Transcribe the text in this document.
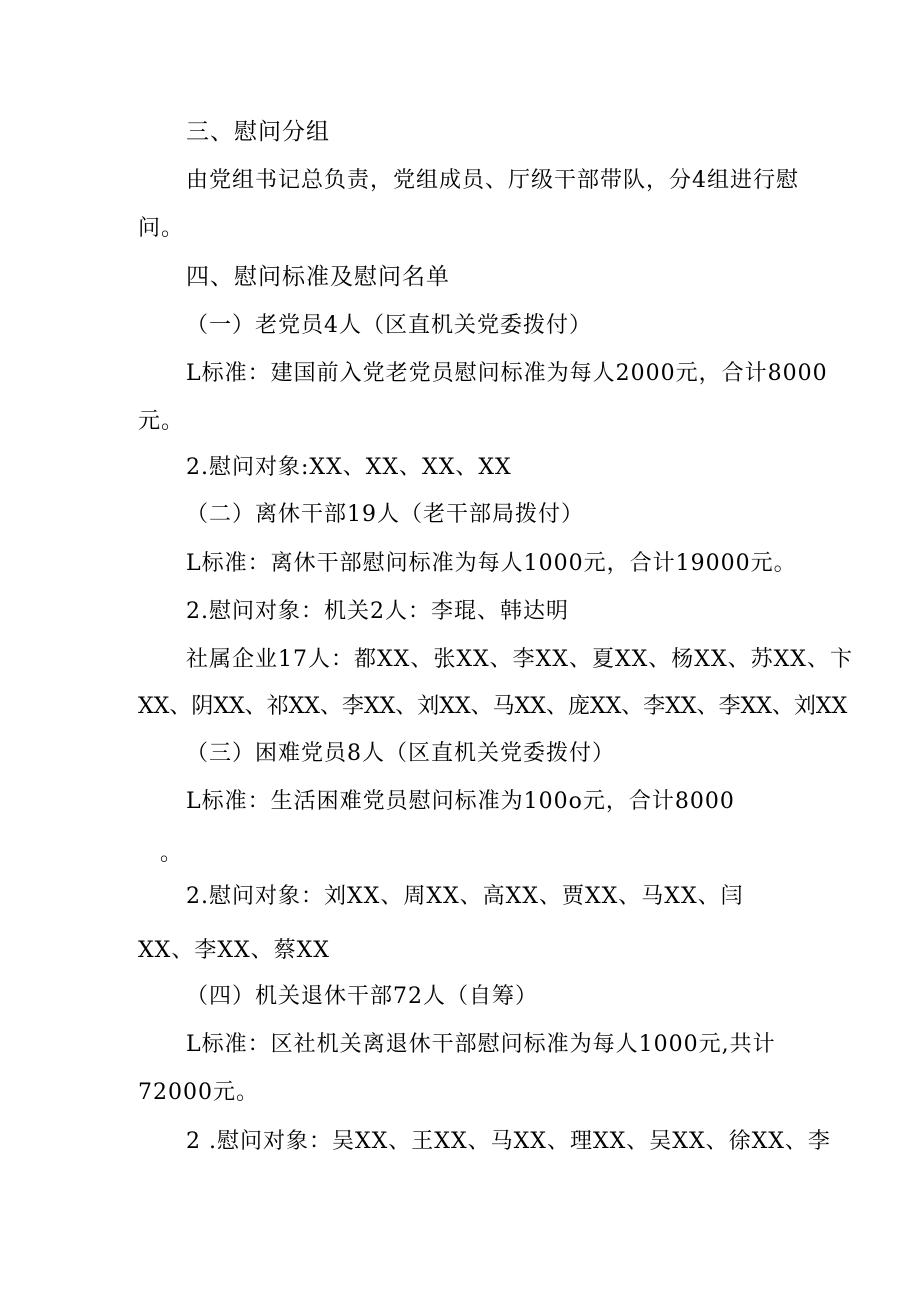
三、慰问分组
由党组书记总负责，党组成员、厅级干部带队，分4组进行慰
问。
四、慰问标准及慰问名单
（一）老党员4人（区直机关党委拨付）
L标准：建国前入党老党员慰问标准为每人2000元，合计8000
元。
2.慰问对象:XX、XX、XX、XX
（二）离休干部19人（老干部局拨付）
L标准：离休干部慰问标准为每人1000元，合计19000元。
2.慰问对象：机关2人：李琨、韩达明
社属企业17人：都XX、张XX、李XX、夏XX、杨XX、苏XX、卞
XX、阴XX、祁XX、李XX、刘XX、马XX、庞XX、李XX、李XX、刘XX
（三）困难党员8人（区直机关党委拨付）
L标准：生活困难党员慰问标准为100o元，合计8000
。
2.慰问对象：刘XX、周XX、高XX、贾XX、马XX、闫
XX、李XX、蔡XX
（四）机关退休干部72人（自筹）
L标准：区社机关离退休干部慰问标准为每人1000元,共计
72000元。
2 .慰问对象：吴XX、王XX、马XX、理XX、吴XX、徐XX、李
